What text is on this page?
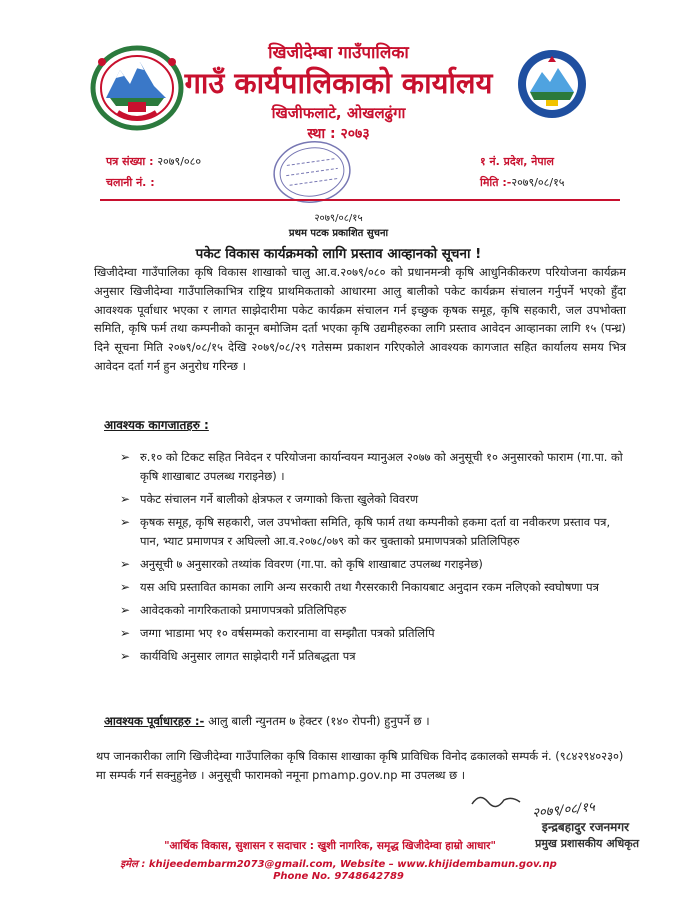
खिजीदेम्बा गाउँपालिका
गाउँ कार्यपालिकाको कार्यालय
खिजीफलाटे, ओखलढुंगा
स्था : २०७३
पत्र संख्या : २०७९/०८०
चलानी नं. :
१ नं. प्रदेश, नेपाल
मिति :-२०७९/०८/१५
२०७९/०८/१५
प्रथम पटक प्रकाशित सुचना
पकेट विकास कार्यक्रमको लागि प्रस्ताव आव्हानको सूचना !
खिजीदेम्वा गाउँपालिका कृषि विकास शाखाको चालु आ.व.२०७९/०८० को प्रधानमन्त्री कृषि आधुनिकीकरण परियोजना कार्यक्रम अनुसार खिजीदेम्वा गाउँपालिकाभित्र राष्ट्रिय प्राथमिकताको आधारमा आलु बालीको पकेट कार्यक्रम संचालन गर्नुपर्ने भएकाे हुँदा आवश्यक पूर्वाधार भएका र लागत साझेदारीमा पकेट कार्यक्रम संचालन गर्न इच्छुक कृषक समूह, कृषि सहकारी, जल उपभोक्ता समिति, कृषि फर्म तथा कम्पनीको कानून बमोजिम दर्ता भएका कृषि उद्यमीहरुका लागि प्रस्ताव आवेदन आव्हानका लागि १५ (पन्ध्र) दिने सूचना मिति २०७९/०८/१५ देखि २०७९/०८/२९ गतेसम्म प्रकाशन गरिएकोले आवश्यक कागजात सहित कार्यालय समय भित्र आवेदन दर्ता गर्न हुन अनुरोध गरिन्छ ।
आवश्यक कागजातहरु :
➢ रु.१० को टिकट सहित निवेदन र परियोजना कार्यान्वयन म्यानुअल २०७७ को अनुसूची १० अनुसारको फाराम (गा.पा. को कृषि शाखाबाट उपलब्ध गराइनेछ) ।
➢ पकेट संचालन गर्ने बालीको क्षेत्रफल र जग्गाको कित्ता खुलेको विवरण
➢ कृषक समूह, कृषि सहकारी, जल उपभोक्ता समिति, कृषि फार्म तथा कम्पनीको हकमा दर्ता वा नवीकरण प्रस्ताव पत्र, पान, भ्याट प्रमाणपत्र र अघिल्लो आ.व.२०७८/०७९ को कर चुक्ताको प्रमाणपत्रको प्रतिलिपिहरु
➢ अनुसूची ७ अनुसारको तथ्यांक विवरण (गा.पा. को कृषि शाखाबाट उपलब्ध गराइनेछ)
➢ यस अघि प्रस्तावित कामका लागि अन्य सरकारी तथा गैरसरकारी निकायबाट अनुदान रकम नलिएको स्वघोषणा पत्र
➢ आवेदकको नागरिकताको प्रमाणपत्रको प्रतिलिपिहरु
➢ जग्गा भाडामा भए १० वर्षसम्मको करारनामा वा सम्झौता पत्रको प्रतिलिपि
➢ कार्यविधि अनुसार लागत साझेदारी गर्ने प्रतिबद्धता पत्र
आवश्यक पूर्वाधारहरु :- आलु बाली न्युनतम ७ हेक्टर (१४० रोपनी) हुनुपर्ने छ ।
थप जानकारीका लागि खिजीदेम्वा गाउँपालिका कृषि विकास शाखाका कृषि प्राविधिक विनोद ढकालको सम्पर्क नं. (९८४२९४०२३०) मा सम्पर्क गर्न सक्नुहुनेछ । अनुसूची फारामको नमूना pmamp.gov.np मा उपलब्ध छ ।
२०७९/०८/१५
इन्द्रबहादुर रजनमगर
प्रमुख प्रशासकीय अधिकृत
"आर्थिक विकास, सुशासन र सदाचार : खुशी नागरिक, समृद्ध खिजीदेम्वा हाम्रो आधार"
इमेल : khijeedembarm2073@gmail.com, Website – www.khijidembamun.gov.np
Phone No. 9748642789
